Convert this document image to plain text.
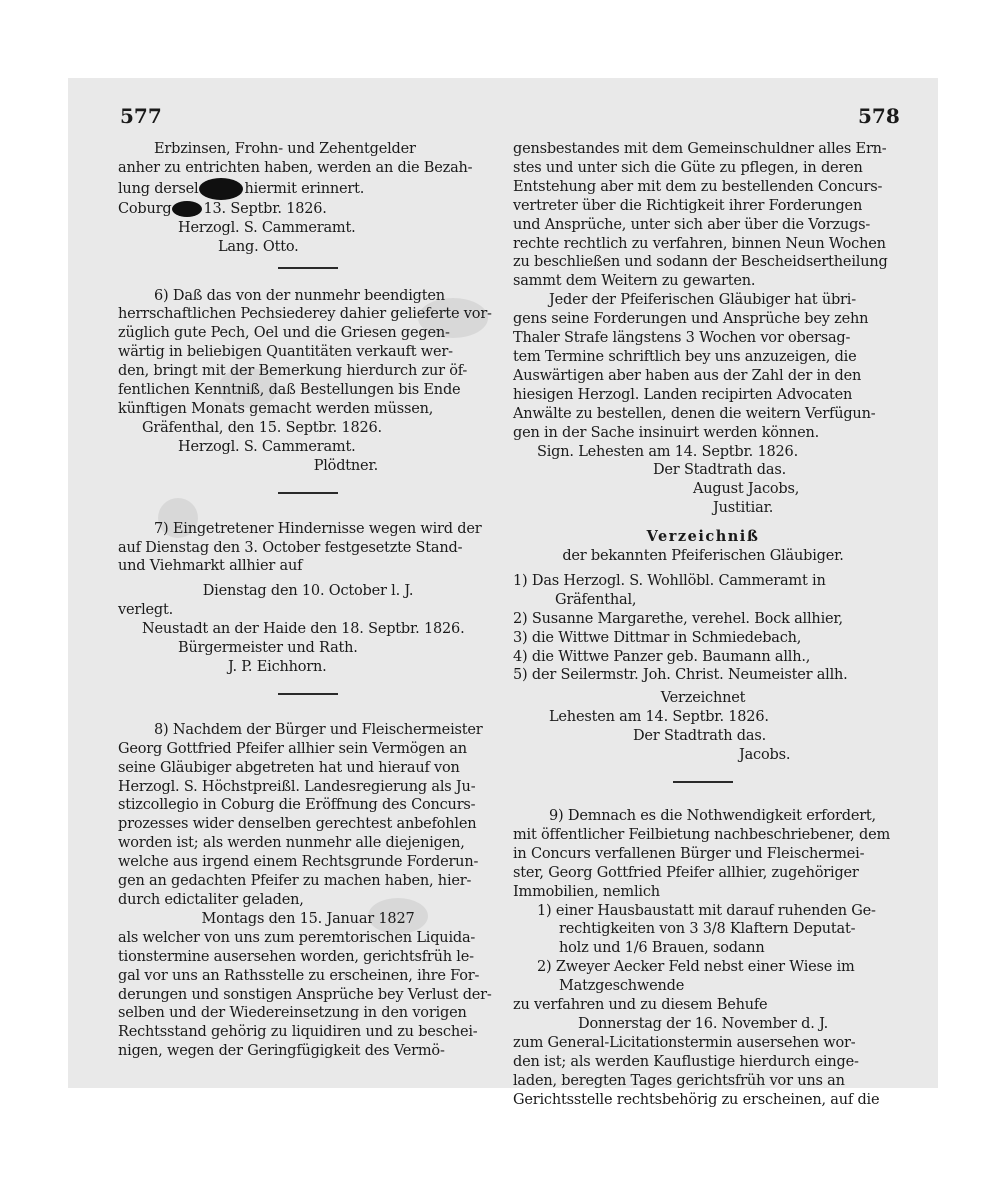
577	578

Erbzinsen, Frohn- und Zehentgelder

anher zu entrichten haben, werden an die Bezah-

lung dersel	hiermit erinnert.

Coburg 13. Septbr. 1826.

Herzogl. S. Cammeramt.

Lang. Otto.

6) Daß das von der nunmehr beendigten

herrschaftlichen Pechsiederey dahier gelieferte vor-

züglich gute Pech, Oel und die Griesen gegen-

wärtig in beliebigen Quantitäten verkauft wer-

den, bringt mit der Bemerkung hierdurch zur öf-

fentlichen Kenntniß, daß Bestellungen bis Ende

künftigen Monats gemacht werden müssen,

Gräfenthal, den 15. Septbr. 1826.

Herzogl. S. Cammeramt.

Plödtner.

7) Eingetretener Hindernisse wegen wird der

auf Dienstag den 3. October festgesetzte Stand-

und Viehmarkt allhier auf

Dienstag den 10. October l. J.

verlegt.

Neustadt an der Haide den 18. Septbr. 1826.

Bürgermeister und Rath.

J. P. Eichhorn.

8) Nachdem der Bürger und Fleischermeister

Georg Gottfried Pfeifer allhier sein Vermögen an

seine Gläubiger abgetreten hat und hierauf von

Herzogl. S. Höchstpreißl. Landesregierung als Ju-

stizcollegio in Coburg die Eröffnung des Concurs-

prozesses wider denselben gerechtest anbefohlen

worden ist; als werden nunmehr alle diejenigen,

welche aus irgend einem Rechtsgrunde Forderun-

gen an gedachten Pfeifer zu machen haben, hier-

durch edictaliter geladen,

Montags den 15. Januar 1827

als welcher von uns zum peremtorischen Liquida-

tionstermine ausersehen worden, gerichtsfrüh le-

gal vor uns an Rathsstelle zu erscheinen, ihre For-

derungen und sonstigen Ansprüche bey Verlust der-

selben und der Wiedereinsetzung in den vorigen

Rechtsstand gehörig zu liquidiren und zu beschei-

nigen, wegen der Geringfügigkeit des Vermö-

gensbestandes mit dem Gemeinschuldner alles Ern-

stes und unter sich die Güte zu pflegen, in deren

Entstehung aber mit dem zu bestellenden Concurs-

vertreter über die Richtigkeit ihrer Forderungen

und Ansprüche, unter sich aber über die Vorzugs-

rechte rechtlich zu verfahren, binnen Neun Wochen

zu beschließen und sodann der Bescheidsertheilung

sammt dem Weitern zu gewarten.

Jeder der Pfeiferischen Gläubiger hat übri-

gens seine Forderungen und Ansprüche bey zehn

Thaler Strafe längstens 3 Wochen vor obersag-

tem Termine schriftlich bey uns anzuzeigen, die

Auswärtigen aber haben aus der Zahl der in den

hiesigen Herzogl. Landen recipirten Advocaten

Anwälte zu bestellen, denen die weitern Verfügun-

gen in der Sache insinuirt werden können.

Sign. Lehesten am 14. Septbr. 1826.

Der Stadtrath das.

August Jacobs,

Justitiar.

Verzeichniß

der bekannten Pfeiferischen Gläubiger.

1) Das Herzogl. S. Wohllöbl. Cammeramt in

Gräfenthal,

2) Susanne Margarethe, verehel. Bock allhier,

3) die Wittwe Dittmar in Schmiedebach,

4) die Wittwe Panzer geb. Baumann allh.,

5) der Seilermstr. Joh. Christ. Neumeister allh.

Verzeichnet

Lehesten am 14. Septbr. 1826.

Der Stadtrath das.

Jacobs.

9) Demnach es die Nothwendigkeit erfordert,

mit öffentlicher Feilbietung nachbeschriebener, dem

in Concurs verfallenen Bürger und Fleischermei-

ster, Georg Gottfried Pfeifer allhier, zugehöriger

Immobilien, nemlich

1) einer Hausbaustatt mit darauf ruhenden Ge-

rechtigkeiten von 3 3/8 Klaftern Deputat-

holz und 1/6 Brauen, sodann

2) Zweyer Aecker Feld nebst einer Wiese im

Matzgeschwende

zu verfahren und zu diesem Behufe

Donnerstag der 16. November d. J.

zum General-Licitationstermin ausersehen wor-

den ist; als werden Kauflustige hierdurch einge-

laden, beregten Tages gerichtsfrüh vor uns an

Gerichtsstelle rechtsbehörig zu erscheinen, auf die
